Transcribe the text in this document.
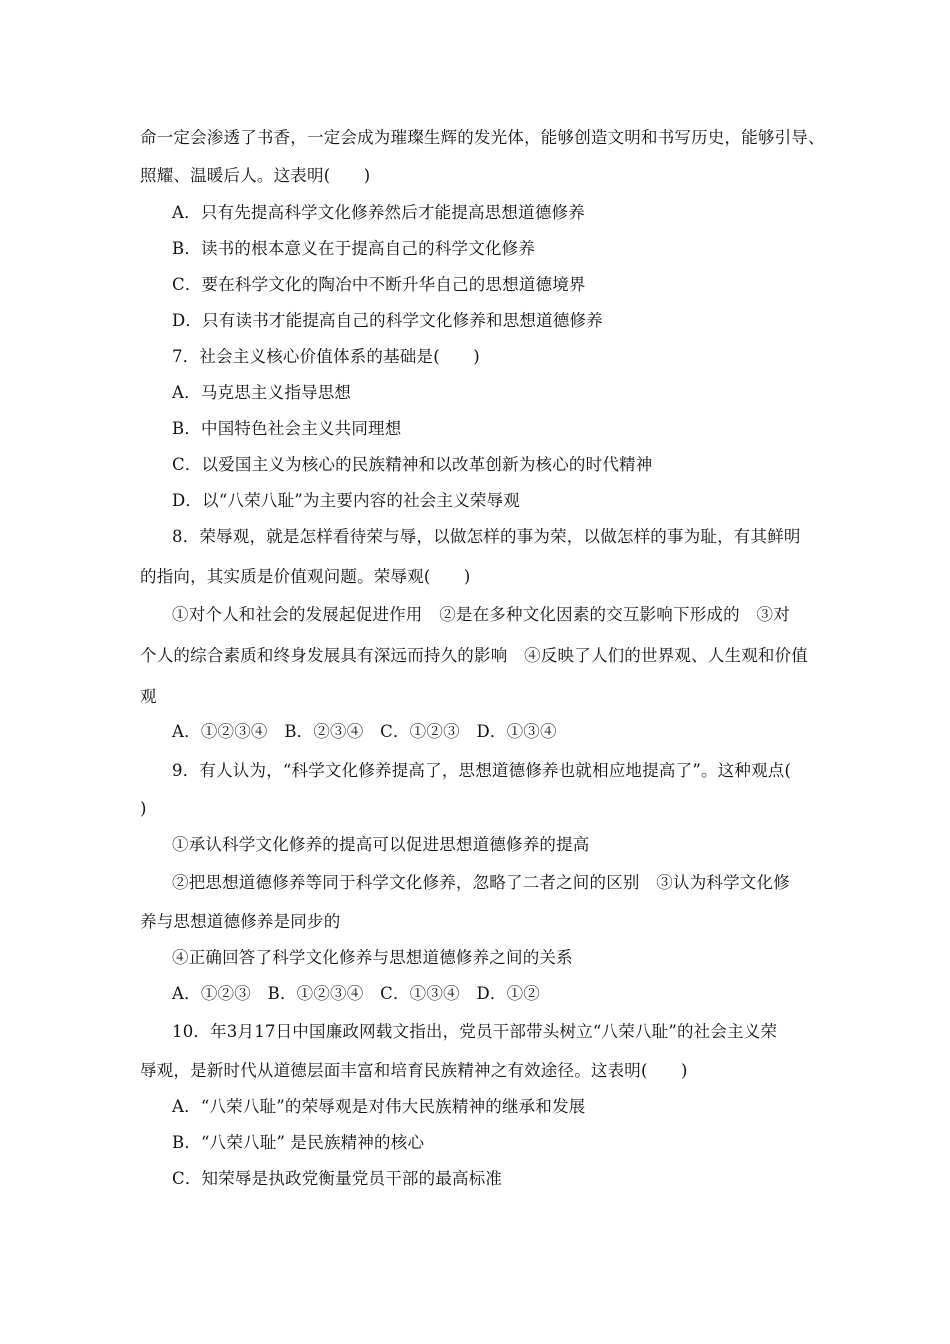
命一定会渗透了书香，一定会成为璀璨生辉的发光体，能够创造文明和书写历史，能够引导、
照耀、温暖后人。这表明(　　)
A．只有先提高科学文化修养然后才能提高思想道德修养
B．读书的根本意义在于提高自己的科学文化修养
C．要在科学文化的陶冶中不断升华自己的思想道德境界
D．只有读书才能提高自己的科学文化修养和思想道德修养
7．社会主义核心价值体系的基础是(　　)
A．马克思主义指导思想
B．中国特色社会主义共同理想
C．以爱国主义为核心的民族精神和以改革创新为核心的时代精神
D．以“八荣八耻”为主要内容的社会主义荣辱观
8．荣辱观，就是怎样看待荣与辱，以做怎样的事为荣，以做怎样的事为耻，有其鲜明
的指向，其实质是价值观问题。荣辱观(　　)
①对个人和社会的发展起促进作用　②是在多种文化因素的交互影响下形成的　③对
个人的综合素质和终身发展具有深远而持久的影响　④反映了人们的世界观、人生观和价值
观
A．①②③④　B．②③④　C．①②③　D．①③④
9．有人认为，“科学文化修养提高了，思想道德修养也就相应地提高了”。这种观点(
)
①承认科学文化修养的提高可以促进思想道德修养的提高
②把思想道德修养等同于科学文化修养，忽略了二者之间的区别　③认为科学文化修
养与思想道德修养是同步的
④正确回答了科学文化修养与思想道德修养之间的关系
A．①②③　B．①②③④　C．①③④　D．①②
10．年3月17日中国廉政网载文指出，党员干部带头树立“八荣八耻”的社会主义荣
辱观，是新时代从道德层面丰富和培育民族精神之有效途径。这表明(　　)
A．“八荣八耻”的荣辱观是对伟大民族精神的继承和发展
B．“八荣八耻” 是民族精神的核心
C．知荣辱是执政党衡量党员干部的最高标准
